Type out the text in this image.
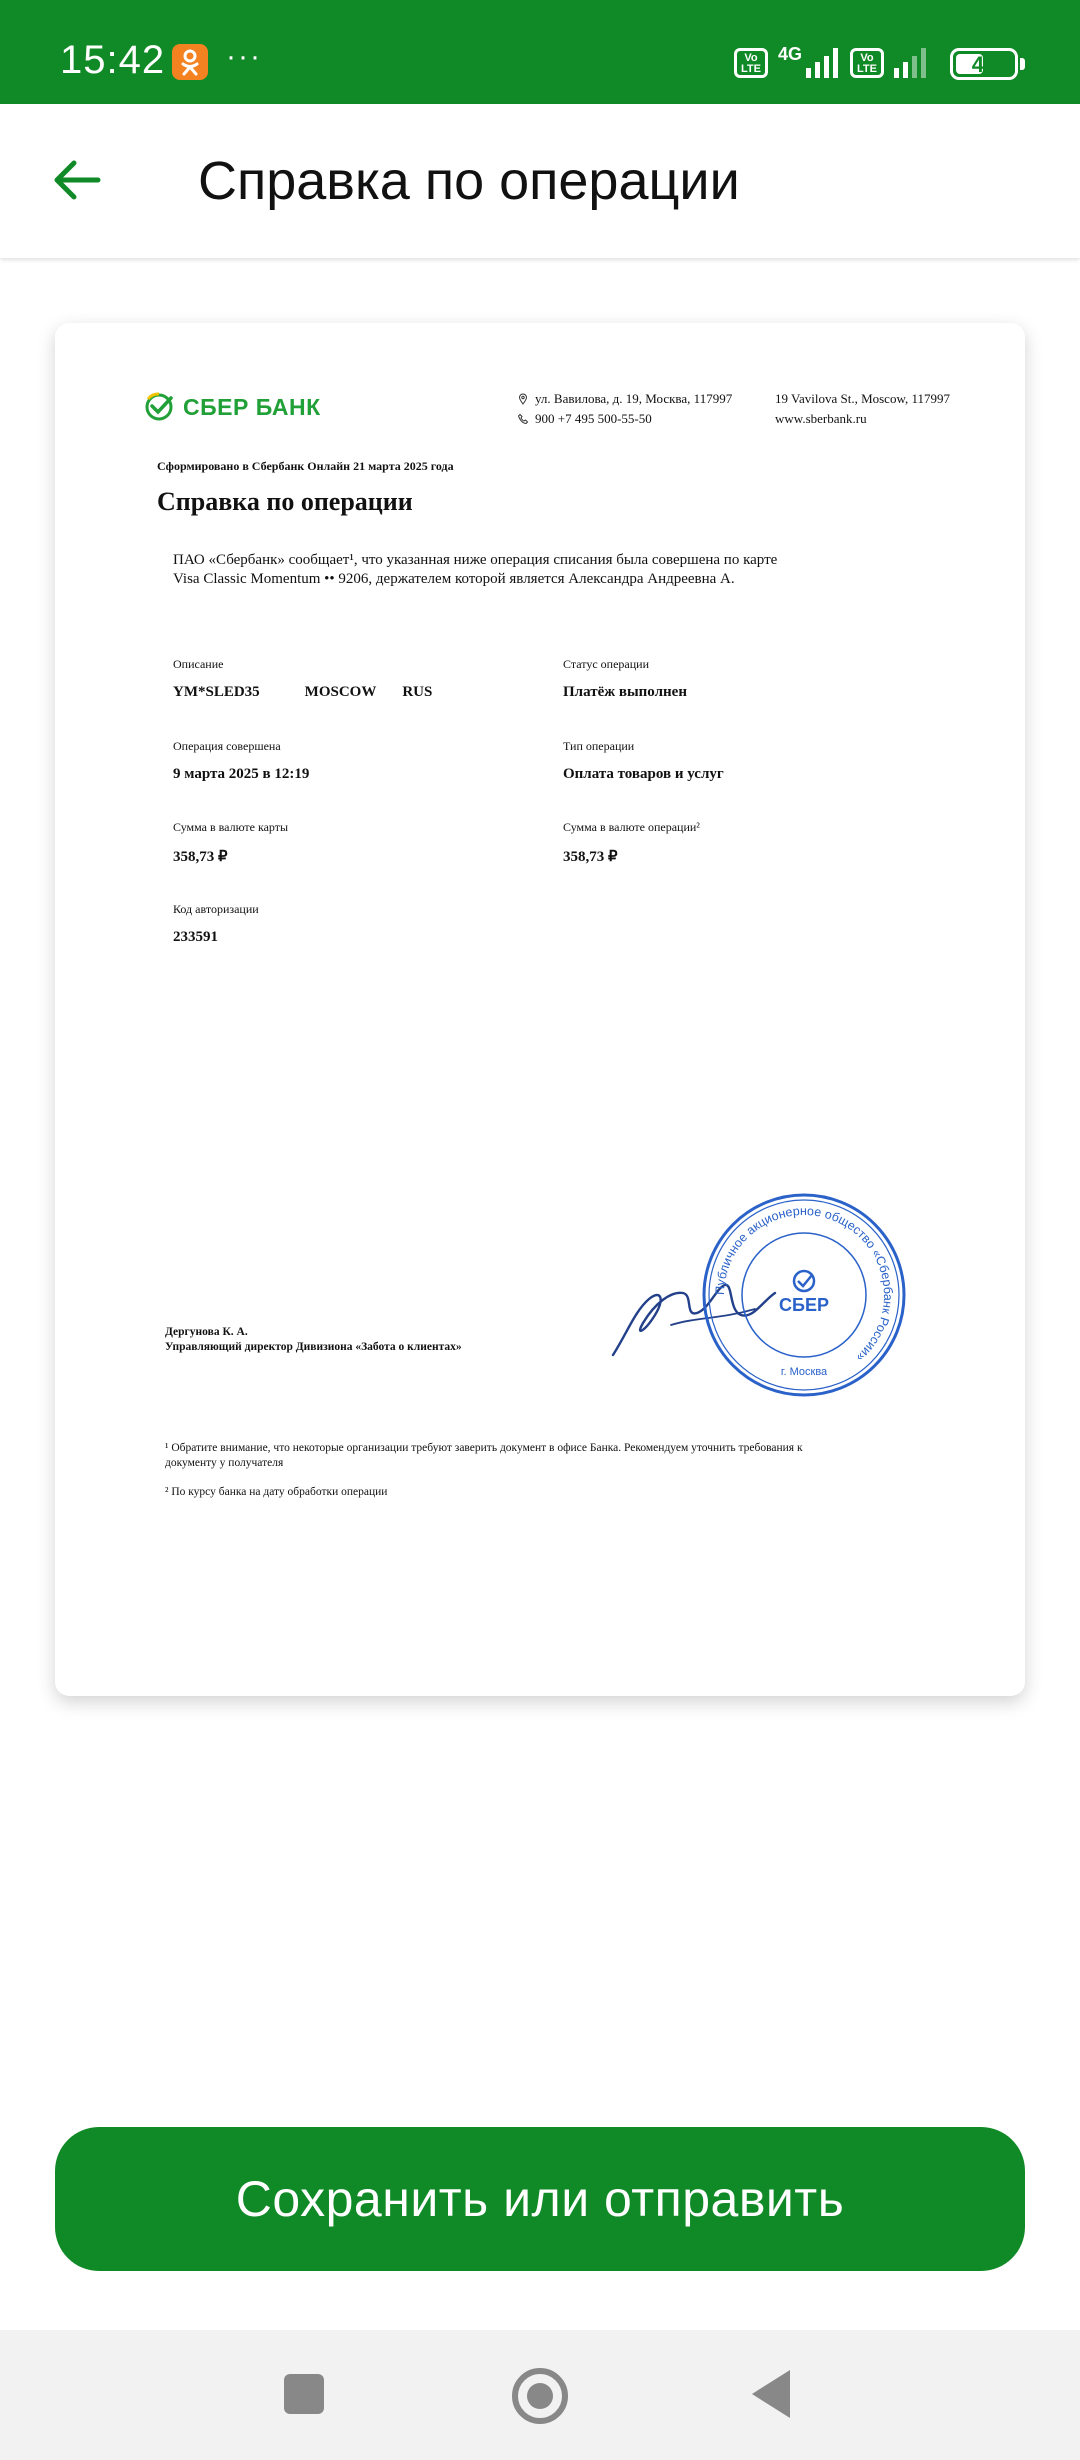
15:42 ···	Vo LTE
4G	Vo LTE	47
Справка по операции
СБЕР БАНК	ул. Вавилова, д. 19, Москва, 117997
900 +7 495 500-55-50
19 Vavilova St., Moscow, 117997
www.sberbank.ru
Сформировано в Сбербанк Онлайн 21 марта 2025 года
Справка по операции
ПАО «Сбербанк» сообщает¹, что указанная ниже операция списания была совершена по карте Visa Classic Momentum •• 9206, держателем которой является Александра Андреевна А.
Описание
YM*SLED35            MOSCOW       RUS
Статус операции
Платёж выполнен
Операция совершена
9 марта 2025 в 12:19
Тип операции
Оплата товаров и услуг
Сумма в валюте карты
358,73 ₽
Сумма в валюте операции²
358,73 ₽
Код авторизации
233591
Дергунова К. А.
Управляющий директор Дивизиона «Забота о клиентах»
Публичное акционерное общество «Сбербанк России»
СБЕР
г. Москва

¹ Обратите внимание, что некоторые организации требуют заверить документ в офисе Банка. Рекомендуем уточнить требования к документу у получателя

² По курсу банка на дату обработки операции

Сохранить или отправить
